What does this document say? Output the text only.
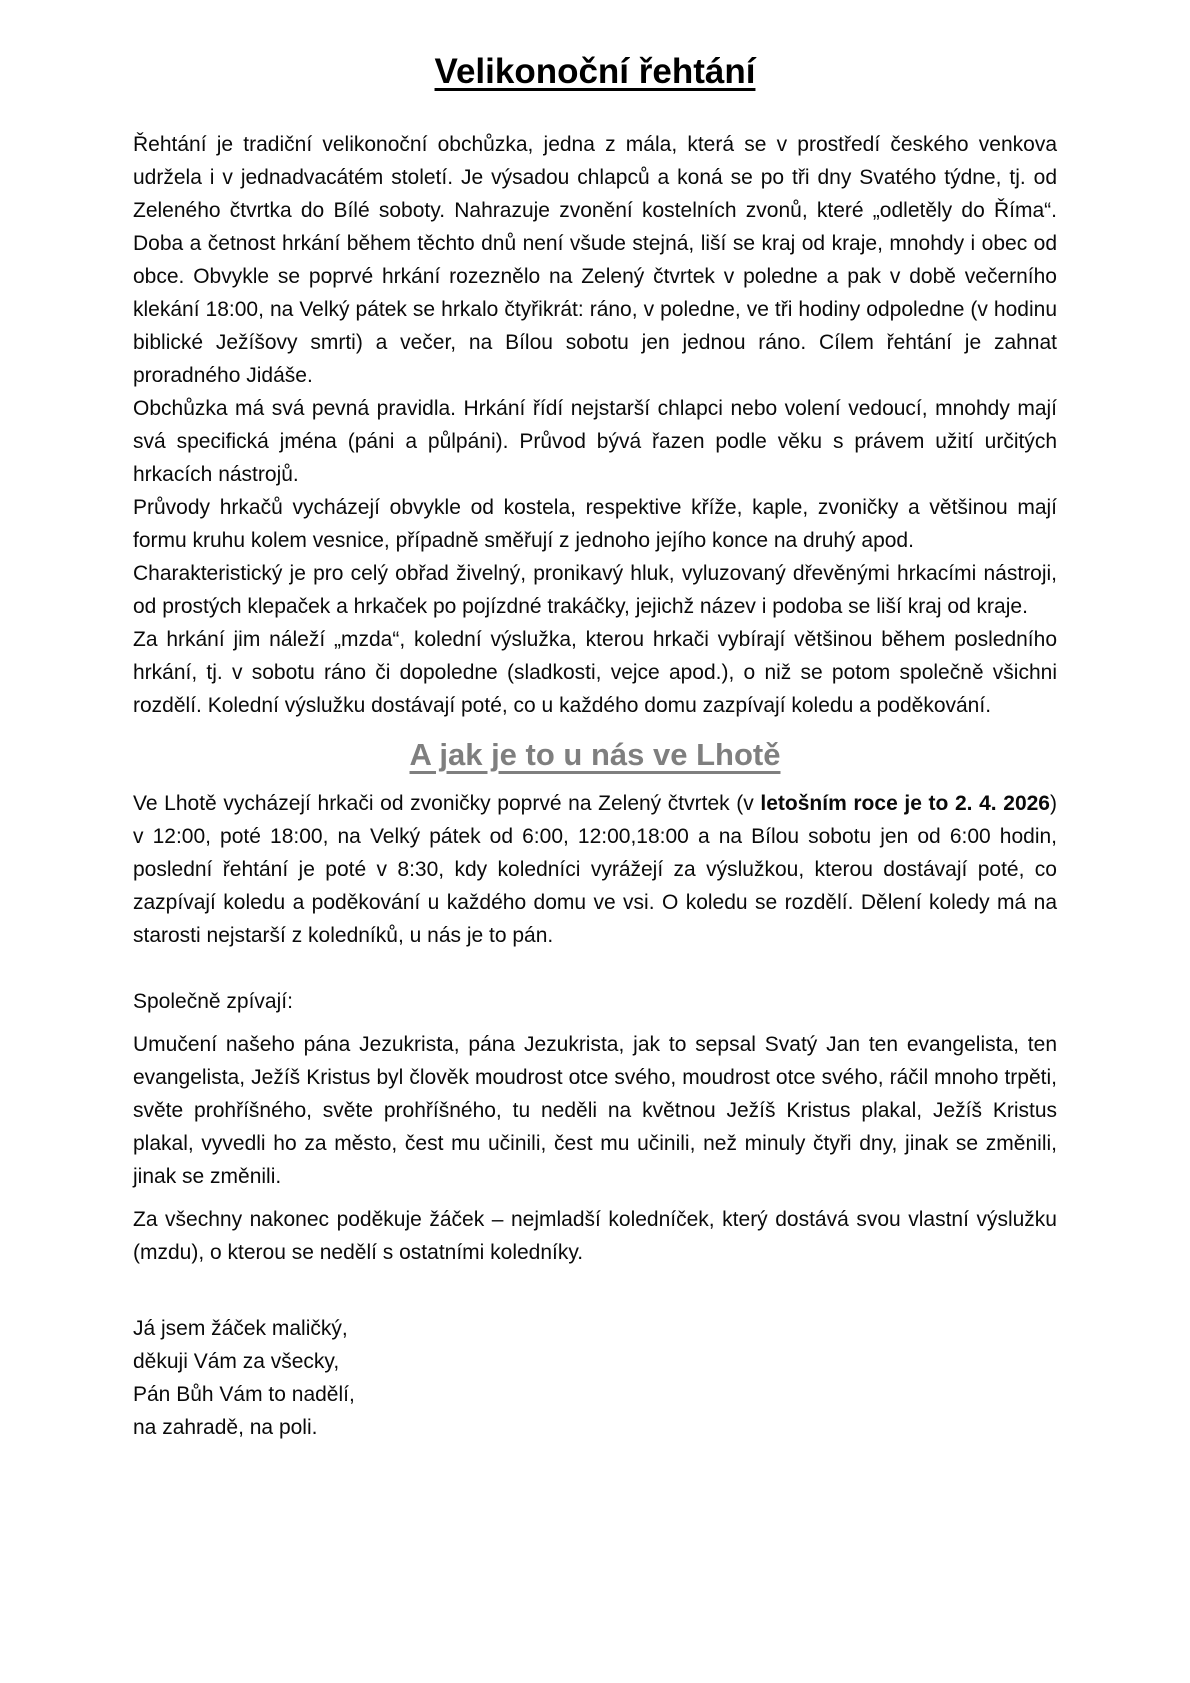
Velikonoční řehtání

Řehtání je tradiční velikonoční obchůzka, jedna z mála, která se v prostředí českého venkova udržela i v jednadvacátém století. Je výsadou chlapců a koná se po tři dny Svatého týdne, tj. od Zeleného čtvrtka do Bílé soboty. Nahrazuje zvonění kostelních zvonů, které „odletěly do Říma“. Doba a četnost hrkání během těchto dnů není všude stejná, liší se kraj od kraje, mnohdy i obec od obce. Obvykle se poprvé hrkání rozeznělo na Zelený čtvrtek v poledne a pak v době večerního klekání 18:00, na Velký pátek se hrkalo čtyřikrát: ráno, v poledne, ve tři hodiny odpoledne (v hodinu biblické Ježíšovy smrti) a večer, na Bílou sobotu jen jednou ráno. Cílem řehtání je zahnat proradného Jidáše.

Obchůzka má svá pevná pravidla. Hrkání řídí nejstarší chlapci nebo volení vedoucí, mnohdy mají svá specifická jména (páni a půlpáni). Průvod bývá řazen podle věku s právem užití určitých hrkacích nástrojů.

Průvody hrkačů vycházejí obvykle od kostela, respektive kříže, kaple, zvoničky a většinou mají formu kruhu kolem vesnice, případně směřují z jednoho jejího konce na druhý apod.

Charakteristický je pro celý obřad živelný, pronikavý hluk, vyluzovaný dřevěnými hrkacími nástroji, od prostých klepaček a hrkaček po pojízdné trakáčky, jejichž název i podoba se liší kraj od kraje.

Za hrkání jim náleží „mzda“, kolední výslužka, kterou hrkači vybírají většinou během posledního hrkání, tj. v sobotu ráno či dopoledne (sladkosti, vejce apod.), o niž se potom společně všichni rozdělí. Kolední výslužku dostávají poté, co u každého domu zazpívají koledu a poděkování.

A jak je to u nás ve Lhotě

Ve Lhotě vycházejí hrkači od zvoničky poprvé na Zelený čtvrtek (v letošním roce je to 2. 4. 2026) v 12:00, poté 18:00, na Velký pátek od 6:00, 12:00,18:00 a na Bílou sobotu jen od 6:00 hodin, poslední řehtání je poté v 8:30, kdy koledníci vyrážejí za výslužkou, kterou dostávají poté, co zazpívají koledu a poděkování u každého domu ve vsi. O koledu se rozdělí. Dělení koledy má na starosti nejstarší z koledníků, u nás je to pán.

Společně zpívají:

Umučení našeho pána Jezukrista, pána Jezukrista, jak to sepsal Svatý Jan ten evangelista, ten evangelista, Ježíš Kristus byl člověk moudrost otce svého, moudrost otce svého, ráčil mnoho trpěti, světe prohříšného, světe prohříšného, tu neděli na květnou Ježíš Kristus plakal, Ježíš Kristus plakal, vyvedli ho za město, čest mu učinili, čest mu učinili, než minuly čtyři dny, jinak se změnili, jinak se změnili.

Za všechny nakonec poděkuje žáček – nejmladší koledníček, který dostává svou vlastní výslužku (mzdu), o kterou se nedělí s ostatními koledníky.

Já jsem žáček maličký,
děkuji Vám za všecky,
Pán Bůh Vám to nadělí,
na zahradě, na poli.
